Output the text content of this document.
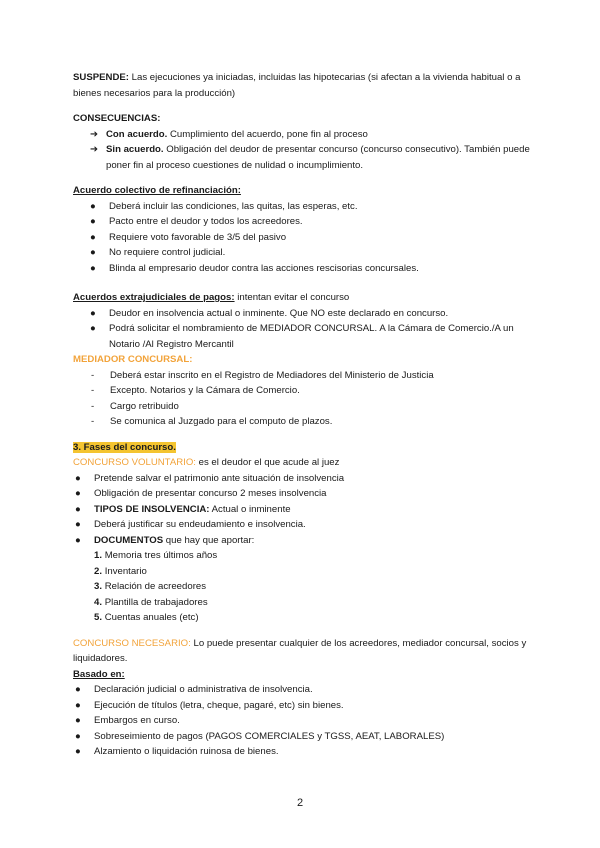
SUSPENDE: Las ejecuciones ya iniciadas, incluidas las hipotecarias (si afectan a la vivienda habitual o a bienes necesarios para la producción)

CONSECUENCIAS:

➔ Con acuerdo. Cumplimiento del acuerdo, pone fin al proceso
➔ Sin acuerdo. Obligación del deudor de presentar concurso (concurso consecutivo). También puede poner fin al proceso cuestiones de nulidad o incumplimiento.

Acuerdo colectivo de refinanciación:

● Deberá incluir las condiciones, las quitas, las esperas, etc.
● Pacto entre el deudor y todos los acreedores.
● Requiere voto favorable de 3/5 del pasivo
● No requiere control judicial.
● Blinda al empresario deudor contra las acciones rescisorias concursales.

Acuerdos extrajudiciales de pagos: intentan evitar el concurso

● Deudor en insolvencia actual o inminente. Que NO este declarado en concurso.
● Podrá solicitar el nombramiento de MEDIADOR CONCURSAL. A la Cámara de Comercio./A un Notario /Al Registro Mercantil

MEDIADOR CONCURSAL:

- Deberá estar inscrito en el Registro de Mediadores del Ministerio de Justicia
- Excepto. Notarios y la Cámara de Comercio.
- Cargo retribuido
- Se comunica al Juzgado para el computo de plazos.

3. Fases del concurso.

CONCURSO VOLUNTARIO: es el deudor el que acude al juez

● Pretende salvar el patrimonio ante situación de insolvencia
● Obligación de presentar concurso 2 meses insolvencia
● TIPOS DE INSOLVENCIA: Actual o inminente
● Deberá justificar su endeudamiento e insolvencia.
● DOCUMENTOS que hay que aportar:
1. Memoria tres últimos años
2. Inventario
3. Relación de acreedores
4. Plantilla de trabajadores
5. Cuentas anuales (etc)

CONCURSO NECESARIO: Lo puede presentar cualquier de los acreedores, mediador concursal, socios y liquidadores.

Basado en:

● Declaración judicial o administrativa de insolvencia.
● Ejecución de títulos (letra, cheque, pagaré, etc) sin bienes.
● Embargos en curso.
● Sobreseimiento de pagos (PAGOS COMERCIALES y TGSS, AEAT, LABORALES)
● Alzamiento o liquidación ruinosa de bienes.
2
